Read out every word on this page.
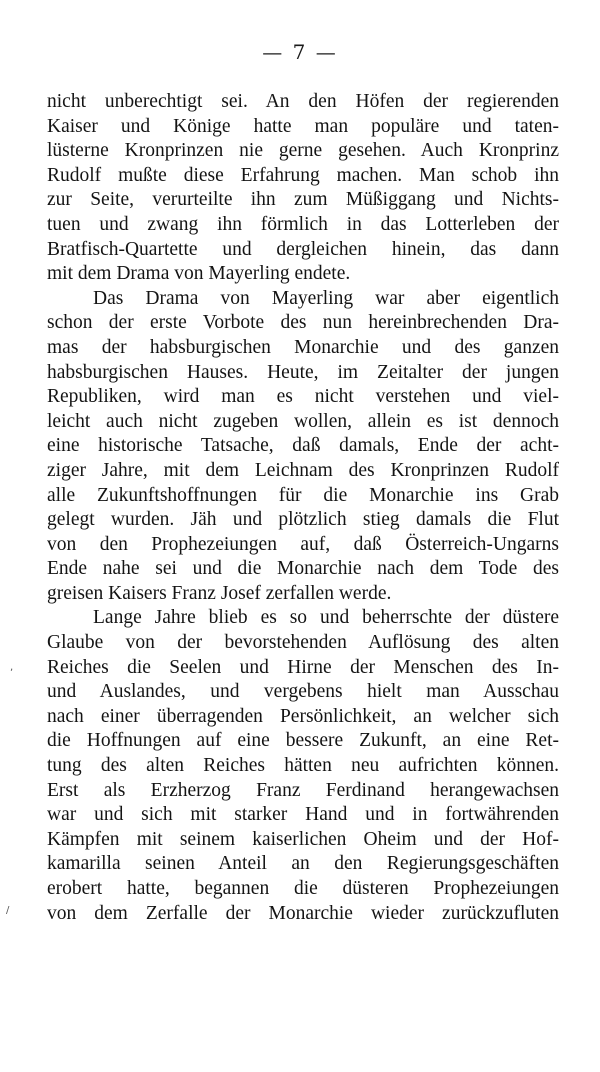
— 7 —
nicht unberechtigt sei. An den Höfen der regierenden
Kaiser und Könige hatte man populäre und taten-
lüsterne Kronprinzen nie gerne gesehen. Auch Kronprinz
Rudolf mußte diese Erfahrung machen. Man schob ihn
zur Seite, verurteilte ihn zum Müßiggang und Nichts-
tuen und zwang ihn förmlich in das Lotterleben der
Bratfisch-Quartette und dergleichen hinein, das dann
mit dem Drama von Mayerling endete.
Das Drama von Mayerling war aber eigentlich
schon der erste Vorbote des nun hereinbrechenden Dra-
mas der habsburgischen Monarchie und des ganzen
habsburgischen Hauses. Heute, im Zeitalter der jungen
Republiken, wird man es nicht verstehen und viel-
leicht auch nicht zugeben wollen, allein es ist dennoch
eine historische Tatsache, daß damals, Ende der acht-
ziger Jahre, mit dem Leichnam des Kronprinzen Rudolf
alle Zukunftshoffnungen für die Monarchie ins Grab
gelegt wurden. Jäh und plötzlich stieg damals die Flut
von den Prophezeiungen auf, daß Österreich-Ungarns
Ende nahe sei und die Monarchie nach dem Tode des
greisen Kaisers Franz Josef zerfallen werde.
Lange Jahre blieb es so und beherrschte der düstere
Glaube von der bevorstehenden Auflösung des alten
Reiches die Seelen und Hirne der Menschen des In-
und Auslandes, und vergebens hielt man Ausschau
nach einer überragenden Persönlichkeit, an welcher sich
die Hoffnungen auf eine bessere Zukunft, an eine Ret-
tung des alten Reiches hätten neu aufrichten können.
Erst als Erzherzog Franz Ferdinand herangewachsen
war und sich mit starker Hand und in fortwährenden
Kämpfen mit seinem kaiserlichen Oheim und der Hof-
kamarilla seinen Anteil an den Regierungsgeschäften
erobert hatte, begannen die düsteren Prophezeiungen
von dem Zerfalle der Monarchie wieder zurückzufluten
,
/
